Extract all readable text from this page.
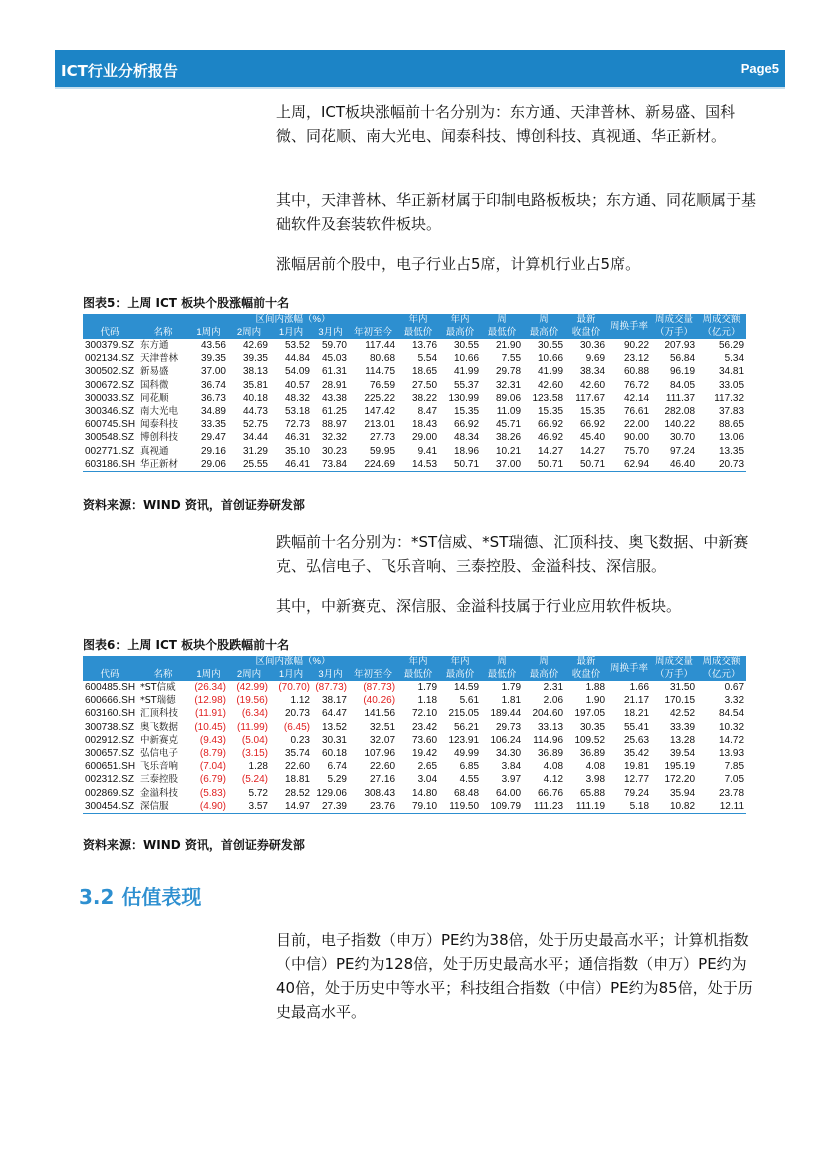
ICT行业分析报告	Page5

上周，ICT板块涨幅前十名分别为：东方通、天津普林、新易盛、国科微、同花顺、南大光电、闻泰科技、博创科技、真视通、华正新材。

其中，天津普林、华正新材属于印制电路板板块；东方通、同花顺属于基础软件及套装软件板块。

涨幅居前个股中，电子行业占5席，计算机行业占5席。

图表5：上周 ICT 板块个股涨幅前十名
		区间内涨幅（%）					年内	年内	周	周	最新	周换手率	周成交量	周成交额
代码	名称	1周内	2周内	1月内	3月内	年初至今	最低价	最高价	最低价	最高价	收盘价		（万手）	（亿元）
300379.SZ	东方通	43.56	42.69	53.52	59.70	117.44	13.76	30.55	21.90	30.55	30.36	90.22	207.93	56.29
002134.SZ	天津普林	39.35	39.35	44.84	45.03	80.68	5.54	10.66	7.55	10.66	9.69	23.12	56.84	5.34
300502.SZ	新易盛	37.00	38.13	54.09	61.31	114.75	18.65	41.99	29.78	41.99	38.34	60.88	96.19	34.81
300672.SZ	国科微	36.74	35.81	40.57	28.91	76.59	27.50	55.37	32.31	42.60	42.60	76.72	84.05	33.05
300033.SZ	同花顺	36.73	40.18	48.32	43.38	225.22	38.22	130.99	89.06	123.58	117.67	42.14	111.37	117.32
300346.SZ	南大光电	34.89	44.73	53.18	61.25	147.42	8.47	15.35	11.09	15.35	15.35	76.61	282.08	37.83
600745.SH	闻泰科技	33.35	52.75	72.73	88.97	213.01	18.43	66.92	45.71	66.92	66.92	22.00	140.22	88.65
300548.SZ	博创科技	29.47	34.44	46.31	32.32	27.73	29.00	48.34	38.26	46.92	45.40	90.00	30.70	13.06
002771.SZ	真视通	29.16	31.29	35.10	30.23	59.95	9.41	18.96	10.21	14.27	14.27	75.70	97.24	13.35
603186.SH	华正新材	29.06	25.55	46.41	73.84	224.69	14.53	50.71	37.00	50.71	50.71	62.94	46.40	20.73
资料来源：WIND 资讯，首创证券研发部

跌幅前十名分别为：*ST信威、*ST瑞德、汇顶科技、奥飞数据、中新赛克、弘信电子、飞乐音响、三泰控股、金溢科技、深信服。

其中，中新赛克、深信服、金溢科技属于行业应用软件板块。

图表6：上周 ICT 板块个股跌幅前十名
		区间内涨幅（%）					年内	年内	周	周	最新	周换手率	周成交量	周成交额
代码	名称	1周内	2周内	1月内	3月内	年初至今	最低价	最高价	最低价	最高价	收盘价		（万手）	（亿元）
600485.SH	*ST信威	(26.34)	(42.99)	(70.70)	(87.73)	(87.73)	1.79	14.59	1.79	2.31	1.88	1.66	31.50	0.67
600666.SH	*ST瑞德	(12.98)	(19.56)	1.12	38.17	(40.26)	1.18	5.61	1.81	2.06	1.90	21.17	170.15	3.32
603160.SH	汇顶科技	(11.91)	(6.34)	20.73	64.47	141.56	72.10	215.05	189.44	204.60	197.05	18.21	42.52	84.54
300738.SZ	奥飞数据	(10.45)	(11.99)	(6.45)	13.52	32.51	23.42	56.21	29.73	33.13	30.35	55.41	33.39	10.32
002912.SZ	中新赛克	(9.43)	(5.04)	0.23	30.31	32.07	73.60	123.91	106.24	114.96	109.52	25.63	13.28	14.72
300657.SZ	弘信电子	(8.79)	(3.15)	35.74	60.18	107.96	19.42	49.99	34.30	36.89	36.89	35.42	39.54	13.93
600651.SH	飞乐音响	(7.04)	1.28	22.60	6.74	22.60	2.65	6.85	3.84	4.08	4.08	19.81	195.19	7.85
002312.SZ	三泰控股	(6.79)	(5.24)	18.81	5.29	27.16	3.04	4.55	3.97	4.12	3.98	12.77	172.20	7.05
002869.SZ	金溢科技	(5.83)	5.72	28.52	129.06	308.43	14.80	68.48	64.00	66.76	65.88	79.24	35.94	23.78
300454.SZ	深信服	(4.90)	3.57	14.97	27.39	23.76	79.10	119.50	109.79	111.23	111.19	5.18	10.82	12.11
资料来源：WIND 资讯，首创证券研发部
3.2 估值表现

目前，电子指数（申万）PE约为38倍，处于历史最高水平；计算机指数（中信）PE约为128倍，处于历史最高水平；通信指数（申万）PE约为40倍，处于历史中等水平；科技组合指数（中信）PE约为85倍，处于历史最高水平。
